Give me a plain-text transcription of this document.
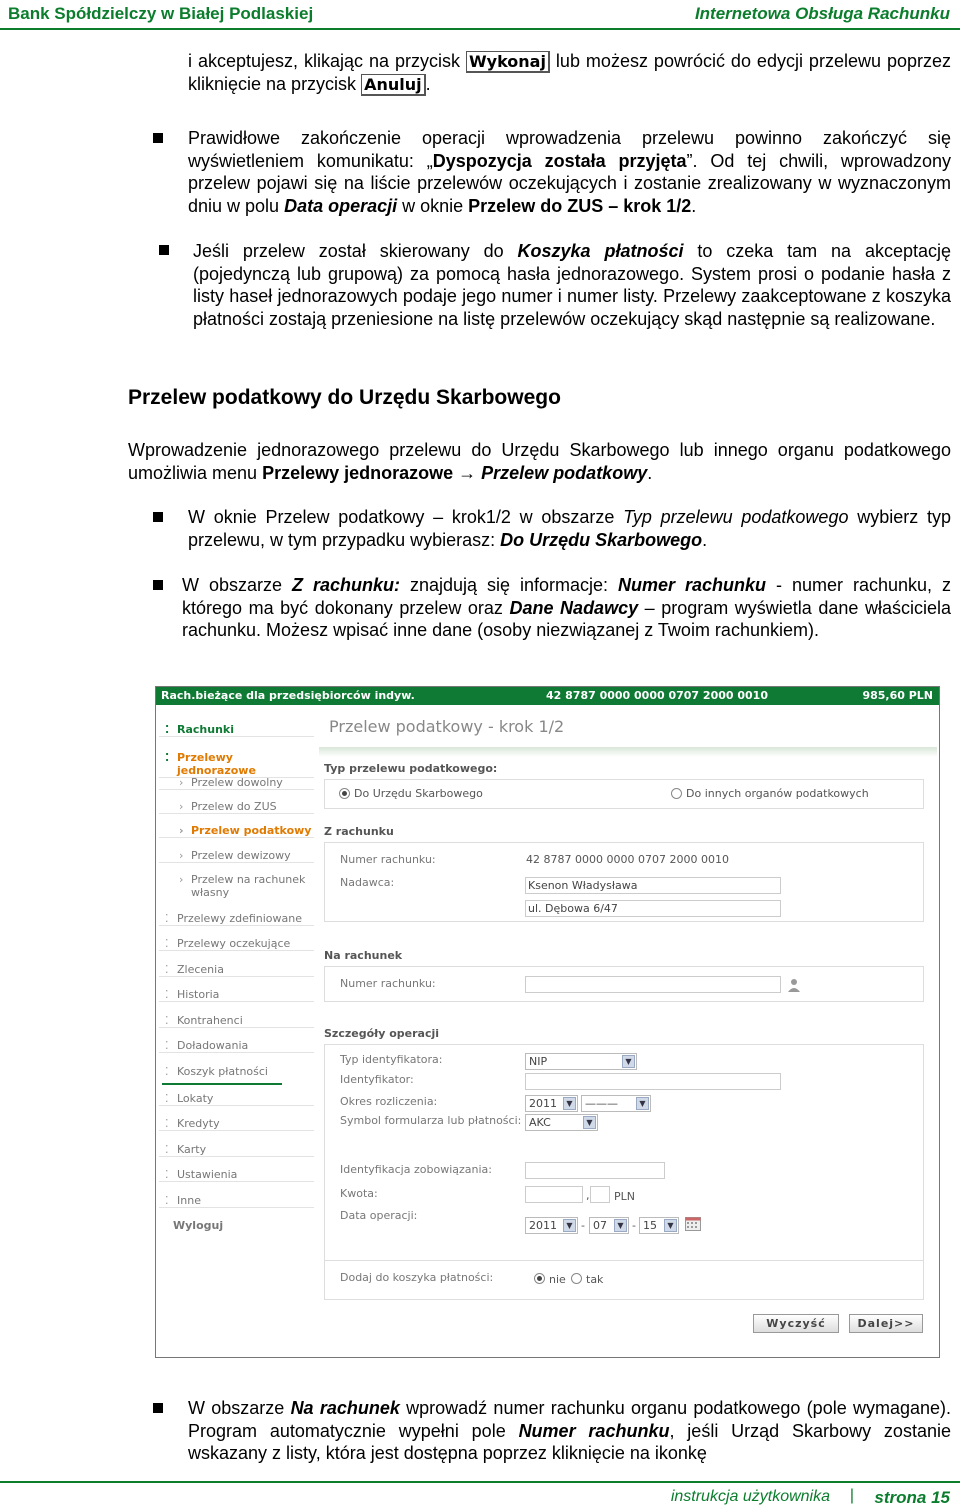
Bank Spółdzielczy w Białej Podlaskiej	Internetowa Obsługa Rachunku
i akceptujesz, klikając na przycisk Wykonaj lub możesz powrócić do edycji przelewu poprzez kliknięcie na przycisk Anuluj .
Prawidłowe zakończenie operacji wprowadzenia przelewu powinno zakończyć się wyświetleniem komunikatu: „Dyspozycja została przyjęta”. Od tej chwili, wprowadzony przelew pojawi się na liście przelewów oczekujących i zostanie zrealizowany w wyznaczonym dniu w polu Data operacji w oknie Przelew do ZUS – krok 1/2.
Jeśli przelew został skierowany do Koszyka płatności to czeka tam na akceptację (pojedynczą lub grupową) za pomocą hasła jednorazowego. System prosi o podanie hasła z listy haseł jednorazowych podaje jego numer i numer listy. Przelewy zaakceptowane z koszyka płatności zostają przeniesione na listę przelewów oczekujący skąd następnie są realizowane.
Przelew podatkowy do Urzędu Skarbowego
Wprowadzenie jednorazowego przelewu do Urzędu Skarbowego lub innego organu podatkowego umożliwia menu Przelewy jednorazowe → Przelew podatkowy.
W oknie Przelew podatkowy – krok1/2 w obszarze Typ przelewu podatkowego wybierz typ przelewu, w tym przypadku wybierasz: Do Urzędu Skarbowego.
W obszarze Z rachunku: znajdują się informacje: Numer rachunku - numer rachunku, z którego ma być dokonany przelew oraz Dane Nadawcy – program wyświetla dane właściciela rachunku. Możesz wpisać inne dane (osoby niezwiązanej z Twoim rachunkiem).
Rach.bieżące dla przedsiębiorców indyw.	42 8787 0000 0000 0707 2000 0010	985,60 PLN
⁚ Rachunki
⁚ Przelewy jednorazowe
› Przelew dowolny
› Przelew do ZUS
› Przelew podatkowy
› Przelew dewizowy
› Przelew na rachunek
własny
⁚ Przelewy zdefiniowane
⁚ Przelewy oczekujące
⁚ Zlecenia
⁚ Historia
⁚ Kontrahenci
⁚ Doładowania
⁚ Koszyk płatności
⁚ Lokaty
⁚ Kredyty
⁚ Karty
⁚ Ustawienia
⁚ Inne
Wyloguj
Przelew podatkowy - krok 1/2
Typ przelewu podatkowego:
Do Urzędu Skarbowego	Do innych organów podatkowych
Z rachunku
Numer rachunku:	42 8787 0000 0000 0707 2000 0010
Nadawca:	Ksenon Władysława
ul. Dębowa 6/47
Na rachunek
Numer rachunku:
Szczegóły operacji
Typ identyfikatora:	NIP	▼
Identyfikator:
Okres rozliczenia:	2011	▼	———	▼
Symbol formularza lub płatności: AKC	▼
Identyfikacja zobowiązania:
Kwota:	, PLN
Data operacji:
2011	▼ - 07	▼ - 15	▼
Dodaj do koszyka płatności:	nie tak
Wyczyść	Dalej>>
W obszarze Na rachunek wprowadź numer rachunku organu podatkowego (pole wymagane). Program automatycznie wypełni pole Numer rachunku, jeśli Urząd Skarbowy zostanie wskazany z listy, która jest dostępna poprzez kliknięcie na ikonkę
instrukcja użytkownika | strona 15
